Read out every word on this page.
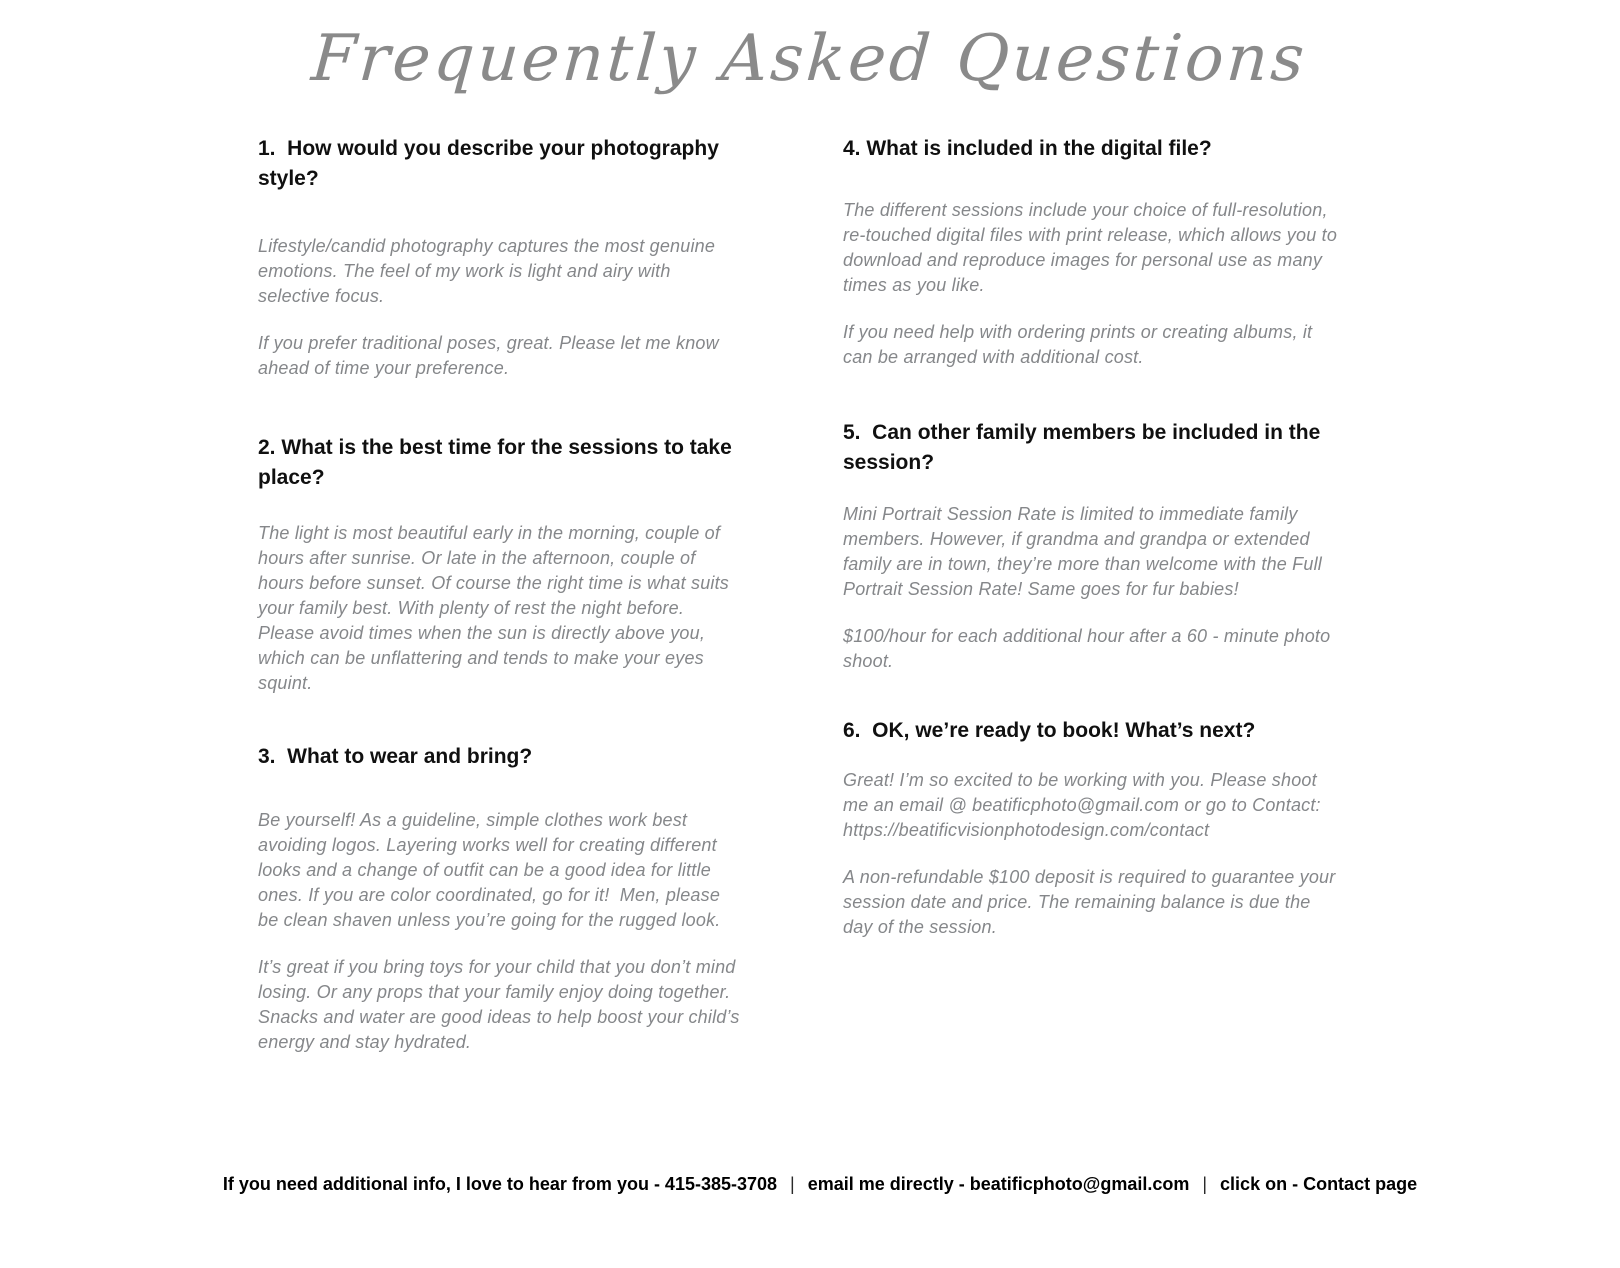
Frequently Asked Questions
1.  How would you describe your photography style?

Lifestyle/candid photography captures the most genuine emotions. The feel of my work is light and airy with selective focus.

If you prefer traditional poses, great. Please let me know ahead of time your preference.

2. What is the best time for the sessions to take place?

The light is most beautiful early in the morning, couple of hours after sunrise. Or late in the afternoon, couple of hours before sunset. Of course the right time is what suits your family best. With plenty of rest the night before. Please avoid times when the sun is directly above you, which can be unflattering and tends to make your eyes squint.

3.  What to wear and bring?

Be yourself! As a guideline, simple clothes work best avoiding logos. Layering works well for creating different looks and a change of outfit can be a good idea for little ones. If you are color coordinated, go for it!  Men, please be clean shaven unless you’re going for the rugged look.

It’s great if you bring toys for your child that you don’t mind losing. Or any props that your family enjoy doing together. Snacks and water are good ideas to help boost your child’s energy and stay hydrated.

4. What is included in the digital file?

The different sessions include your choice of full-resolution, re-touched digital files with print release, which allows you to download and reproduce images for personal use as many times as you like.

If you need help with ordering prints or creating albums, it can be arranged with additional cost.

5.  Can other family members be included in the session?

Mini Portrait Session Rate is limited to immediate family members. However, if grandma and grandpa or extended family are in town, they’re more than welcome with the Full Portrait Session Rate! Same goes for fur babies!

$100/hour for each additional hour after a 60 - minute photo shoot.

6.  OK, we’re ready to book! What’s next?

Great! I’m so excited to be working with you. Please shoot me an email @ beatificphoto@gmail.com or go to Contact: https://beatificvisionphotodesign.com/contact

A non-refundable $100 deposit is required to guarantee your session date and price. The remaining balance is due the day of the session.

If you need additional info, I love to hear from you - 415-385-3708 | email me directly - beatificphoto@gmail.com | click on - Contact page
